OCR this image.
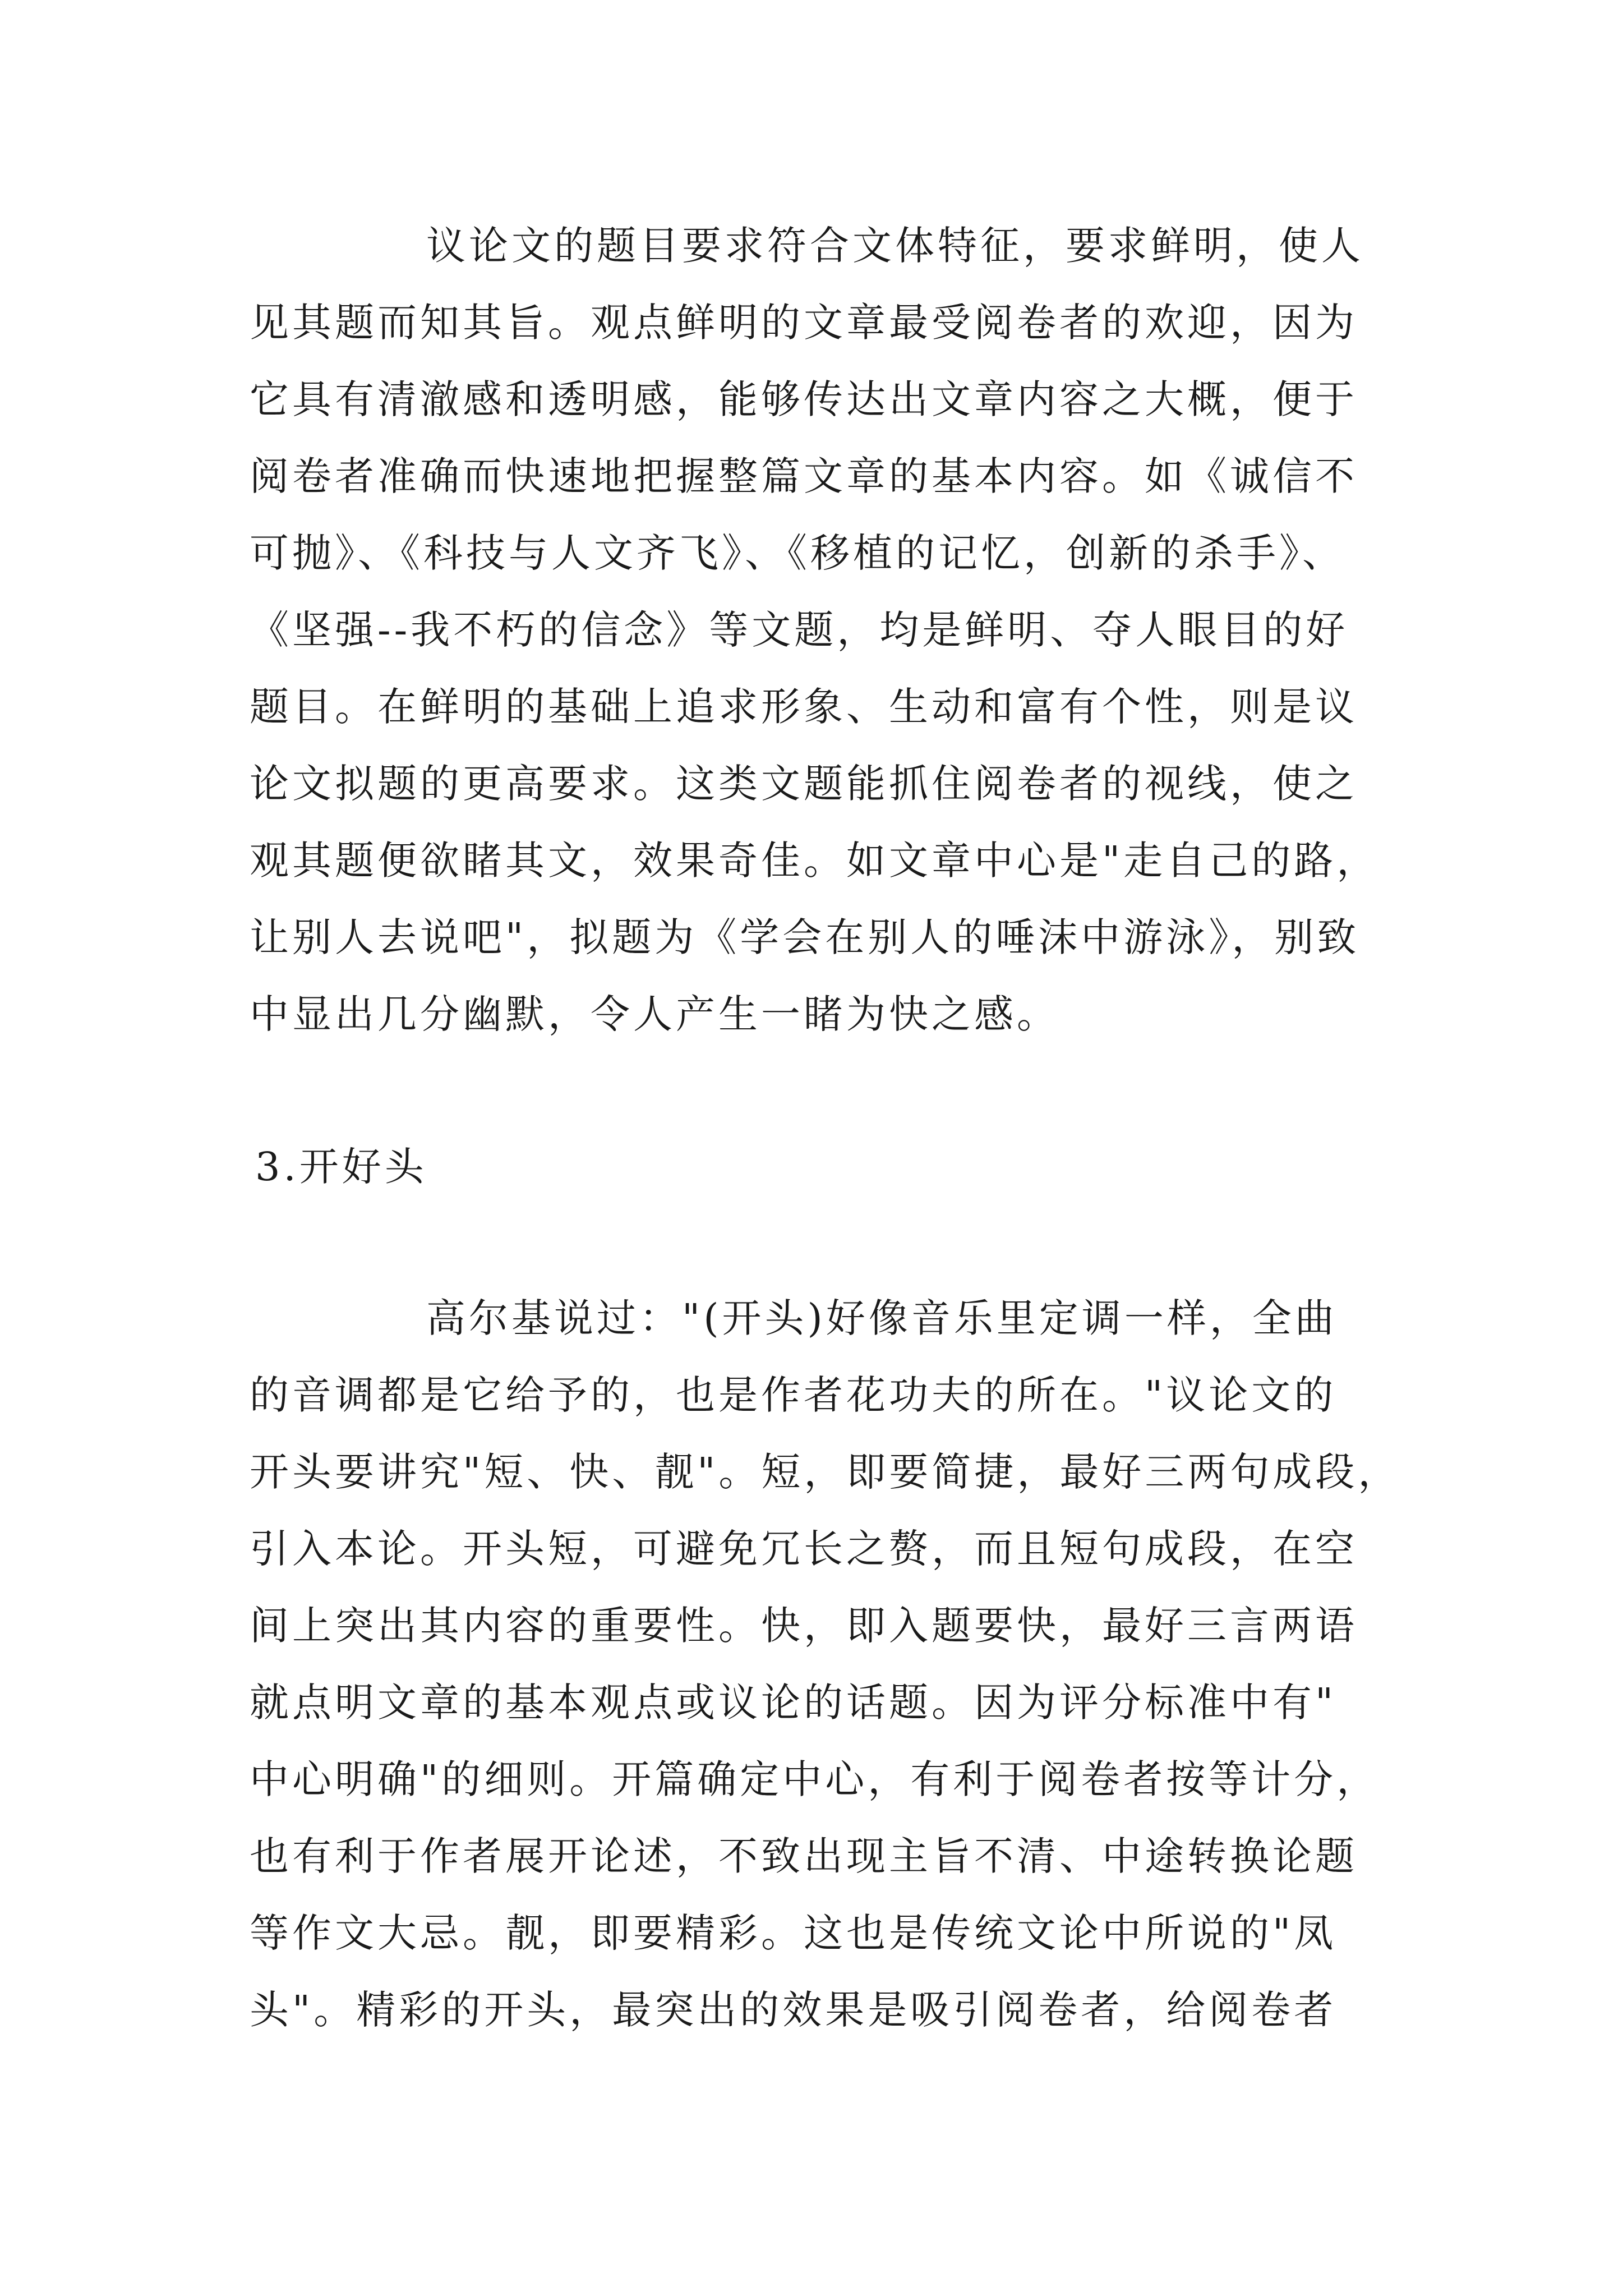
议论文的题目要求符合文体特征，要求鲜明，使人
见其题而知其旨。观点鲜明的文章最受阅卷者的欢迎，因为
它具有清澈感和透明感，能够传达出文章内容之大概，便于
阅卷者准确而快速地把握整篇文章的基本内容。如《诚信不
可抛》、《科技与人文齐飞》、《移植的记忆，创新的杀手》、
《坚强--我不朽的信念》等文题，均是鲜明、夺人眼目的好
题目。在鲜明的基础上追求形象、生动和富有个性，则是议
论文拟题的更高要求。这类文题能抓住阅卷者的视线，使之
观其题便欲睹其文，效果奇佳。如文章中心是"走自己的路，
让别人去说吧"，拟题为《学会在别人的唾沫中游泳》，别致
中显出几分幽默，令人产生一睹为快之感。
3.开好头
高尔基说过："(开头)好像音乐里定调一样，全曲
的音调都是它给予的，也是作者花功夫的所在。"议论文的
开头要讲究"短、快、靓"。短，即要简捷，最好三两句成段，
引入本论。开头短，可避免冗长之赘，而且短句成段，在空
间上突出其内容的重要性。快，即入题要快，最好三言两语
就点明文章的基本观点或议论的话题。因为评分标准中有"
中心明确"的细则。开篇确定中心，有利于阅卷者按等计分，
也有利于作者展开论述，不致出现主旨不清、中途转换论题
等作文大忌。靓，即要精彩。这也是传统文论中所说的"凤
头"。精彩的开头，最突出的效果是吸引阅卷者，给阅卷者
